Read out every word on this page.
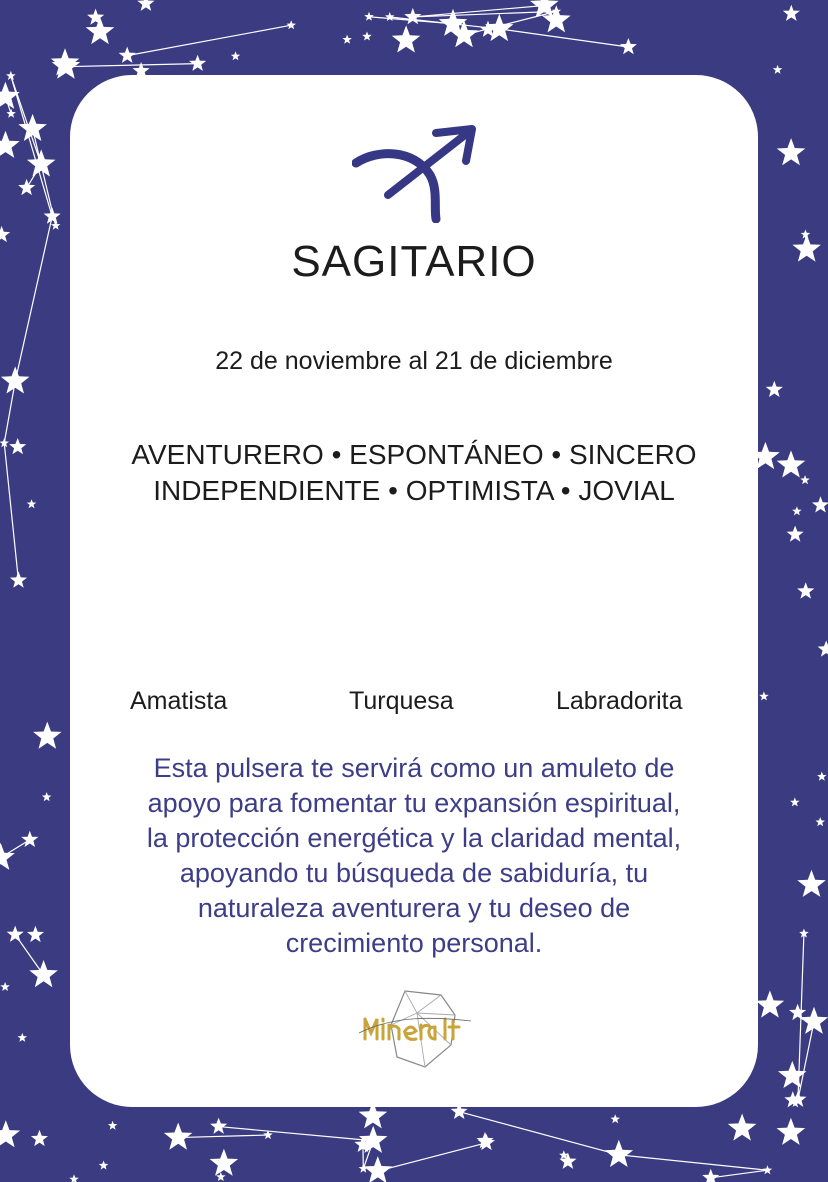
SAGITARIO
22 de noviembre al 21 de diciembre
AVENTURERO • ESPONTÁNEO • SINCERO
INDEPENDIENTE • OPTIMISTA • JOVIAL
Amatista	Turquesa	Labradorita
Esta pulsera te servirá como un amuleto de
apoyo para fomentar tu expansión espiritual,
la protección energética y la claridad mental,
apoyando tu búsqueda de sabiduría, tu
naturaleza aventurera y tu deseo de
crecimiento personal.
